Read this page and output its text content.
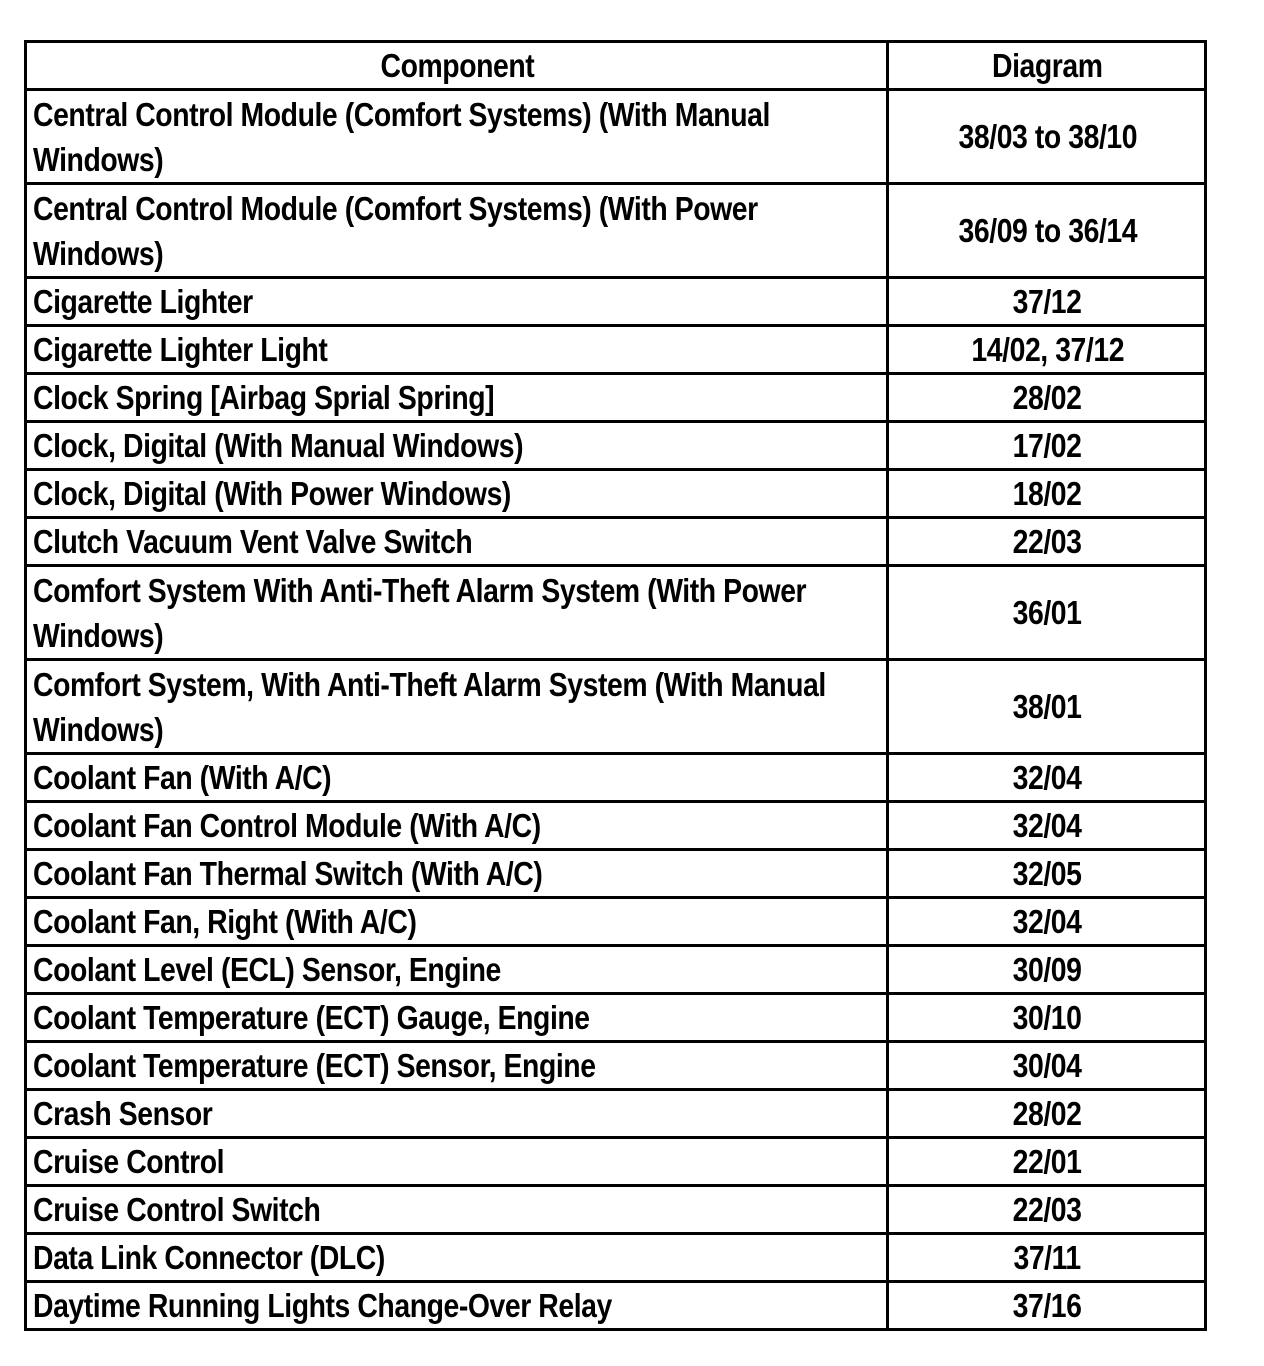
Component	Diagram
Central Control Module (Comfort Systems) (With Manual Windows)	38/03 to 38/10
Central Control Module (Comfort Systems) (With Power Windows)	36/09 to 36/14
Cigarette Lighter	37/12
Cigarette Lighter Light	14/02, 37/12
Clock Spring [Airbag Sprial Spring]	28/02
Clock, Digital (With Manual Windows)	17/02
Clock, Digital (With Power Windows)	18/02
Clutch Vacuum Vent Valve Switch	22/03
Comfort System With Anti-Theft Alarm System (With Power Windows)	36/01
Comfort System, With Anti-Theft Alarm System (With Manual Windows)	38/01
Coolant Fan (With A/C)	32/04
Coolant Fan Control Module (With A/C)	32/04
Coolant Fan Thermal Switch (With A/C)	32/05
Coolant Fan, Right (With A/C)	32/04
Coolant Level (ECL) Sensor, Engine	30/09
Coolant Temperature (ECT) Gauge, Engine	30/10
Coolant Temperature (ECT) Sensor, Engine	30/04
Crash Sensor	28/02
Cruise Control	22/01
Cruise Control Switch	22/03
Data Link Connector (DLC)	37/11
Daytime Running Lights Change-Over Relay	37/16
